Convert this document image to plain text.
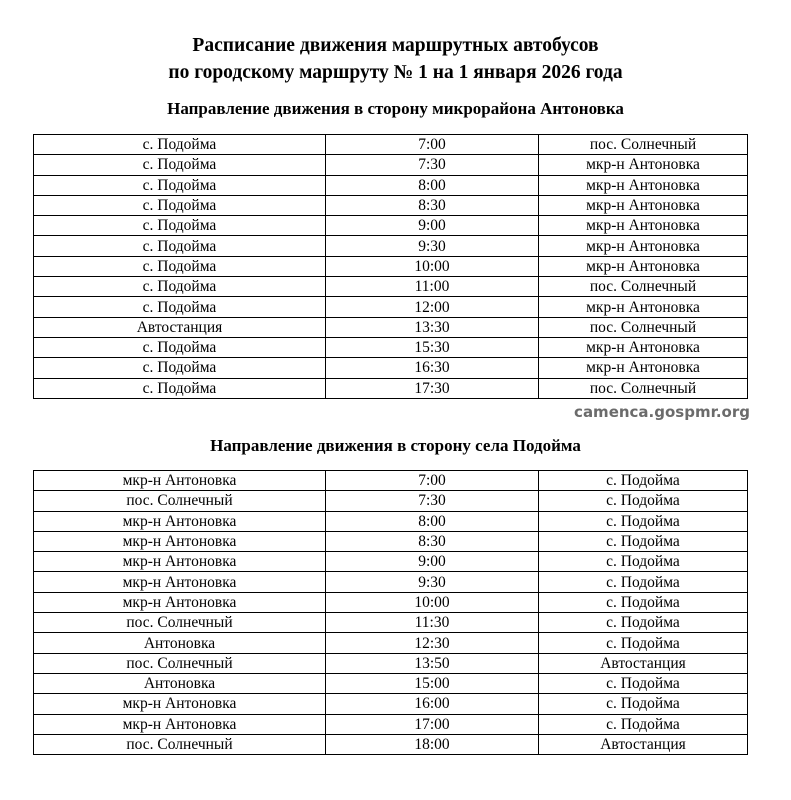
Расписание движения маршрутных автобусов
по городскому маршруту № 1 на 1 января 2026 года
Направление движения в сторону микрорайона Антоновка
с. Подойма	7:00	пос. Солнечный
с. Подойма	7:30	мкр-н Антоновка
с. Подойма	8:00	мкр-н Антоновка
с. Подойма	8:30	мкр-н Антоновка
с. Подойма	9:00	мкр-н Антоновка
с. Подойма	9:30	мкр-н Антоновка
с. Подойма	10:00	мкр-н Антоновка
с. Подойма	11:00	пос. Солнечный
с. Подойма	12:00	мкр-н Антоновка
Автостанция	13:30	пос. Солнечный
с. Подойма	15:30	мкр-н Антоновка
с. Подойма	16:30	мкр-н Антоновка
с. Подойма	17:30	пос. Солнечный
camenca.gospmr.org
Направление движения в сторону села Подойма
мкр-н Антоновка	7:00	с. Подойма
пос. Солнечный	7:30	с. Подойма
мкр-н Антоновка	8:00	с. Подойма
мкр-н Антоновка	8:30	с. Подойма
мкр-н Антоновка	9:00	с. Подойма
мкр-н Антоновка	9:30	с. Подойма
мкр-н Антоновка	10:00	с. Подойма
пос. Солнечный	11:30	с. Подойма
Антоновка	12:30	с. Подойма
пос. Солнечный	13:50	Автостанция
Антоновка	15:00	с. Подойма
мкр-н Антоновка	16:00	с. Подойма
мкр-н Антоновка	17:00	с. Подойма
пос. Солнечный	18:00	Автостанция
